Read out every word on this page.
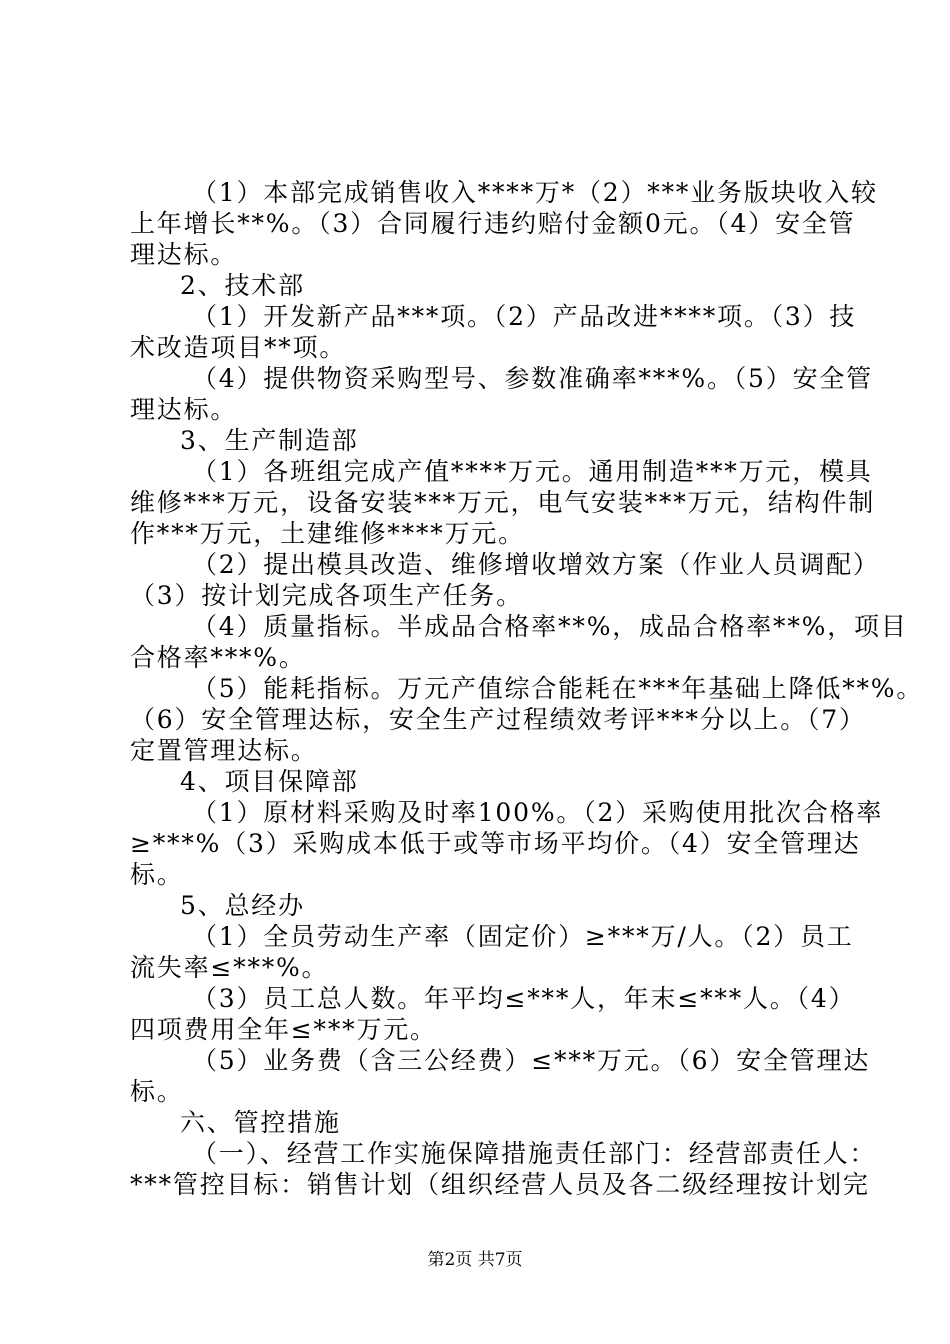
（1）本部完成销售收入****万*（2）***业务版块收入较
上年增长**%。（3）合同履行违约赔付金额0元。（4）安全管
理达标。
2、技术部
（1）开发新产品***项。（2）产品改进****项。（3）技
术改造项目**项。
（4）提供物资采购型号、参数准确率***%。（5）安全管
理达标。
3、生产制造部
（1）各班组完成产值****万元。通用制造***万元，模具
维修***万元，设备安装***万元，电气安装***万元，结构件制
作***万元，土建维修****万元。
（2）提出模具改造、维修增收增效方案（作业人员调配）
（3）按计划完成各项生产任务。
（4）质量指标。半成品合格率**%，成品合格率**%，项目
合格率***%。
（5）能耗指标。万元产值综合能耗在***年基础上降低**%。
（6）安全管理达标，安全生产过程绩效考评***分以上。（7）
定置管理达标。
4、项目保障部
（1）原材料采购及时率100%。（2）采购使用批次合格率
≥***%（3）采购成本低于或等市场平均价。（4）安全管理达
标。
5、总经办
（1）全员劳动生产率（固定价）≥***万/人。（2）员工
流失率≤***%。
（3）员工总人数。年平均≤***人，年末≤***人。（4）
四项费用全年≤***万元。
（5）业务费（含三公经费）≤***万元。（6）安全管理达
标。
六、管控措施
（一）、经营工作实施保障措施责任部门：经营部责任人：
***管控目标：销售计划（组织经营人员及各二级经理按计划完
第2页 共7页
